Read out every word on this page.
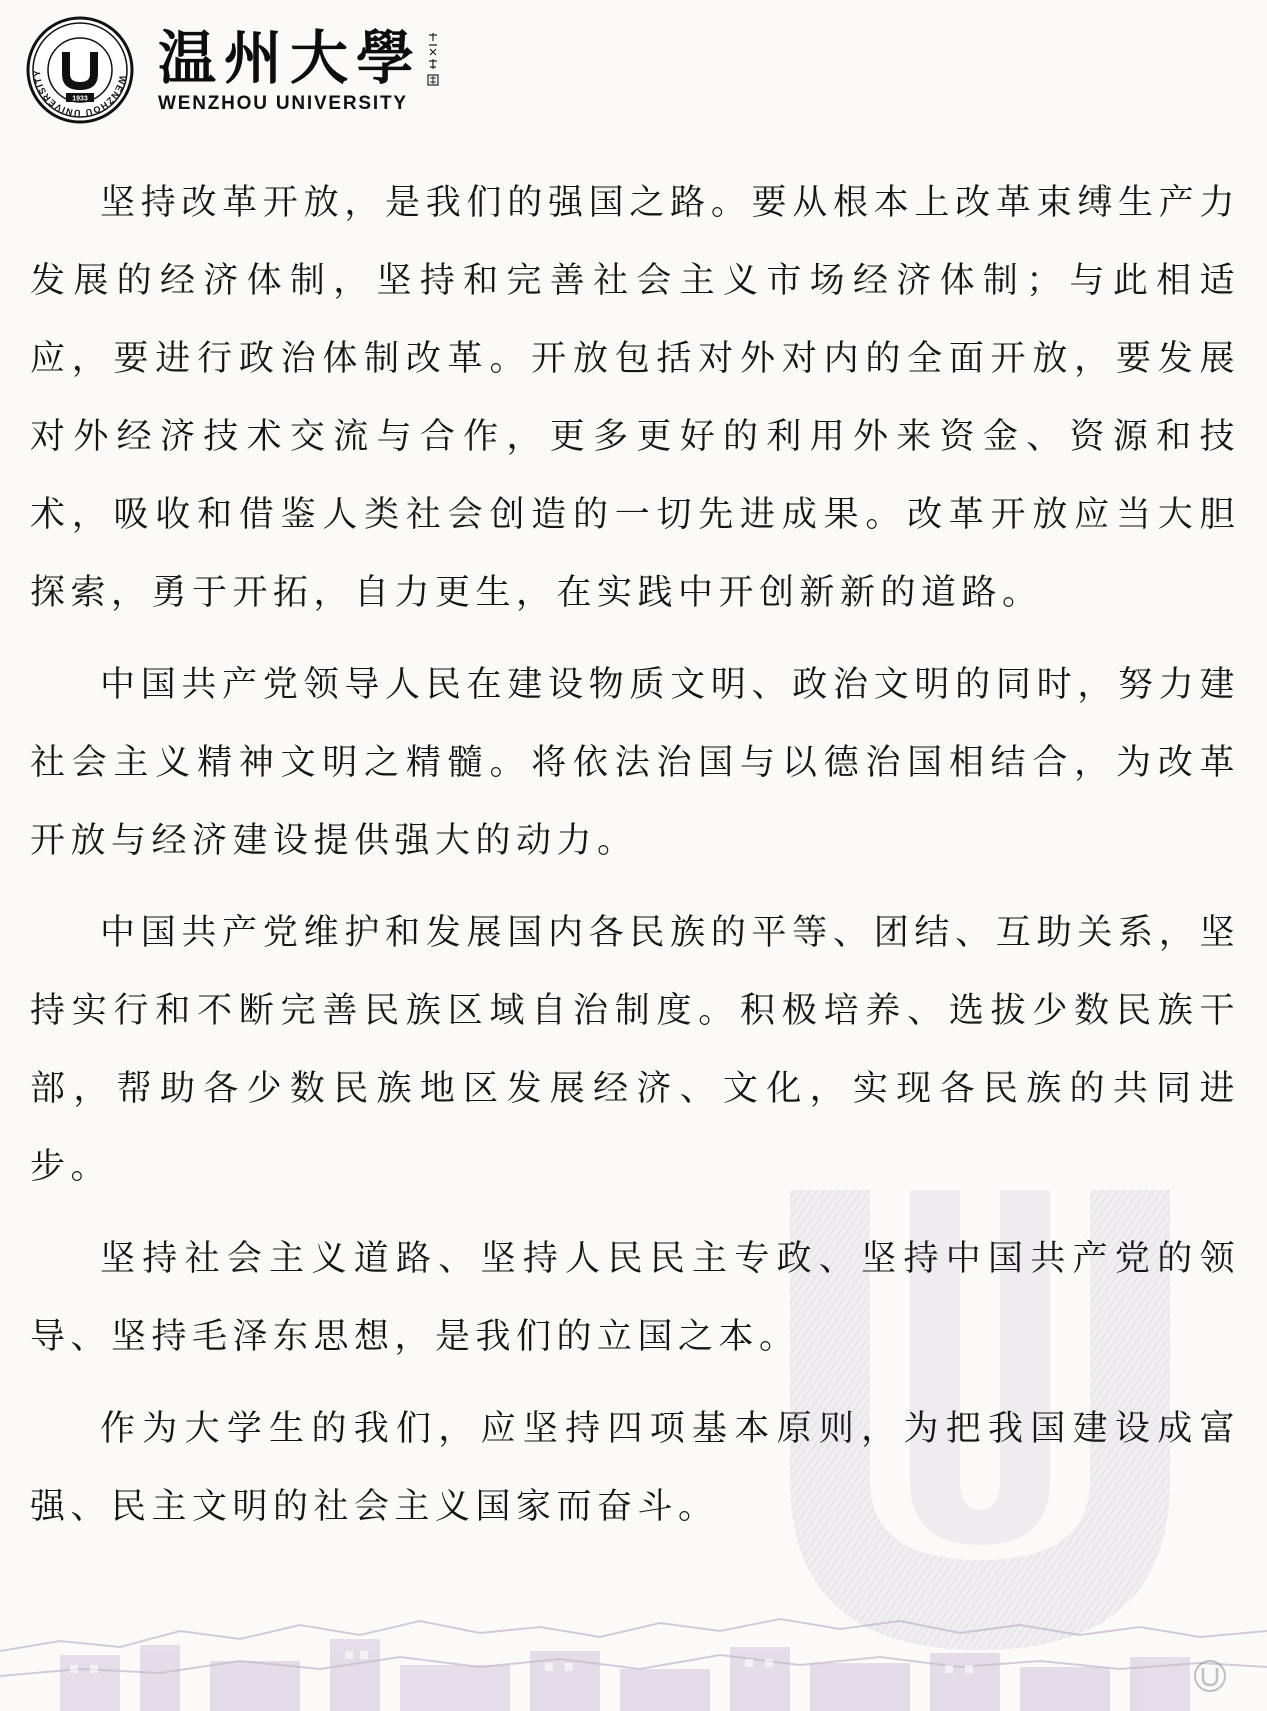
WENZHOU UNIVERSITY
1933
温州大學
WENZHOU UNIVERSITY

坚持改革开放，是我们的强国之路。要从根本上改革束缚生产力发展的经济体制，坚持和完善社会主义市场经济体制；与此相适应，要进行政治体制改革。开放包括对外对内的全面开放，要发展对外经济技术交流与合作，更多更好的利用外来资金、资源和技术，吸收和借鉴人类社会创造的一切先进成果。改革开放应当大胆探索，勇于开拓，自力更生，在实践中开创新新的道路。

中国共产党领导人民在建设物质文明、政治文明的同时，努力建社会主义精神文明之精髓。将依法治国与以德治国相结合，为改革开放与经济建设提供强大的动力。

中国共产党维护和发展国内各民族的平等、团结、互助关系，坚持实行和不断完善民族区域自治制度。积极培养、选拔少数民族干部，帮助各少数民族地区发展经济、文化，实现各民族的共同进步。

坚持社会主义道路、坚持人民民主专政、坚持中国共产党的领导、坚持毛泽东思想，是我们的立国之本。

作为大学生的我们，应坚持四项基本原则，为把我国建设成富强、民主文明的社会主义国家而奋斗。
